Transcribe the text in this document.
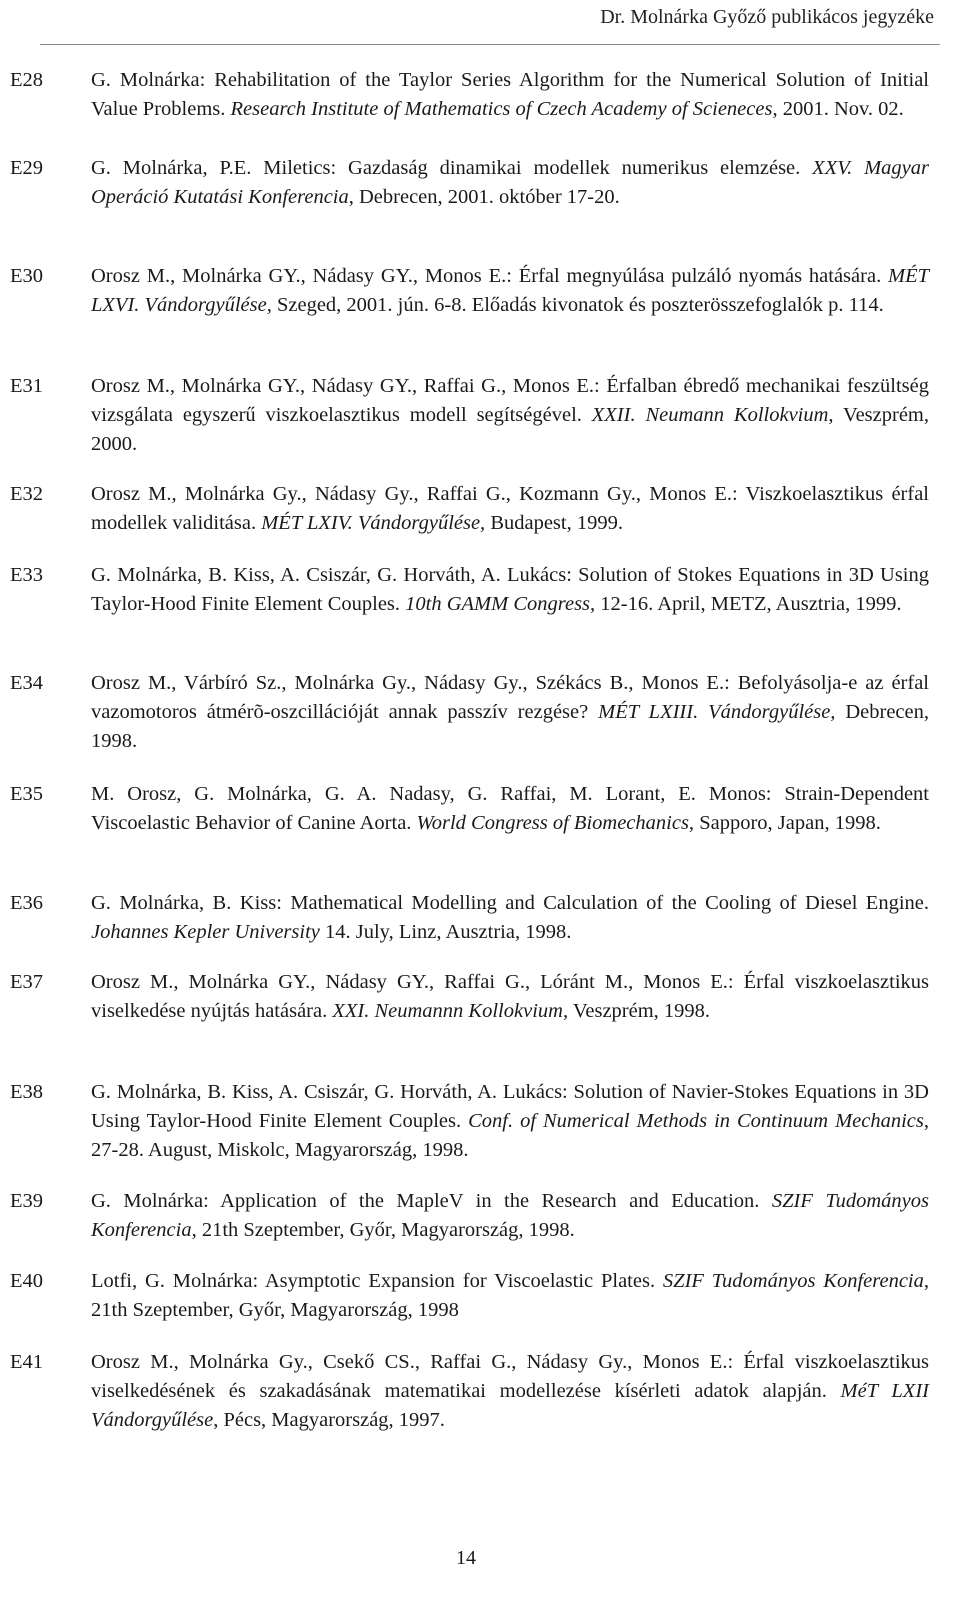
Dr. Molnárka Győző publikácos jegyzéke
E28 G. Molnárka: Rehabilitation of the Taylor Series Algorithm for the Numerical Solution of Initial Value Problems. Research Institute of Mathematics of Czech Academy of Scieneces, 2001. Nov. 02.
E29 G. Molnárka, P.E. Miletics: Gazdaság dinamikai modellek numerikus elemzése. XXV. Magyar Operáció Kutatási Konferencia, Debrecen, 2001. október 17-20.
E30 Orosz M., Molnárka GY., Nádasy GY., Monos E.: Érfal megnyúlása pulzáló nyomás hatására. MÉT LXVI. Vándorgyűlése, Szeged, 2001. jún. 6-8. Előadás kivonatok és poszterösszefoglalók p. 114.
E31 Orosz M., Molnárka GY., Nádasy GY., Raffai G., Monos E.: Érfalban ébredő mechanikai feszültség vizsgálata egyszerű viszkoelasztikus modell segítségével. XXII. Neumann Kollokvium, Veszprém, 2000.
E32 Orosz M., Molnárka Gy., Nádasy Gy., Raffai G., Kozmann Gy., Monos E.: Viszkoelasztikus érfal modellek validitása. MÉT LXIV. Vándorgyűlése, Budapest, 1999.
E33 G. Molnárka, B. Kiss, A. Csiszár, G. Horváth, A. Lukács: Solution of Stokes Equations in 3D Using Taylor-Hood Finite Element Couples. 10th GAMM Congress, 12-16. April, METZ, Ausztria, 1999.
E34 Orosz M., Várbíró Sz., Molnárka Gy., Nádasy Gy., Székács B., Monos E.: Befolyásolja-e az érfal vazomotoros átmérõ-oszcillációját annak passzív rezgése? MÉT LXIII. Vándorgyűlése, Debrecen, 1998.
E35 M. Orosz, G. Molnárka, G. A. Nadasy, G. Raffai, M. Lorant, E. Monos: Strain-Dependent Viscoelastic Behavior of Canine Aorta. World Congress of Biomechanics, Sapporo, Japan, 1998.
E36 G. Molnárka, B. Kiss: Mathematical Modelling and Calculation of the Cooling of Diesel Engine. Johannes Kepler University 14. July, Linz, Ausztria, 1998.
E37 Orosz M., Molnárka GY., Nádasy GY., Raffai G., Lóránt M., Monos E.: Érfal viszkoelasztikus viselkedése nyújtás hatására. XXI. Neumannn Kollokvium, Veszprém, 1998.
E38 G. Molnárka, B. Kiss, A. Csiszár, G. Horváth, A. Lukács: Solution of Navier-Stokes Equations in 3D Using Taylor-Hood Finite Element Couples. Conf. of Numerical Methods in Continuum Mechanics, 27-28. August, Miskolc, Magyarország, 1998.
E39 G. Molnárka: Application of the MapleV in the Research and Education. SZIF Tudományos Konferencia, 21th Szeptember, Győr, Magyarország, 1998.
E40 Lotfi, G. Molnárka: Asymptotic Expansion for Viscoelastic Plates. SZIF Tudományos Konferencia, 21th Szeptember, Győr, Magyarország, 1998
E41 Orosz M., Molnárka Gy., Csekő CS., Raffai G., Nádasy Gy., Monos E.: Érfal viszkoelasztikus viselkedésének és szakadásának matematikai modellezése kísérleti adatok alapján. MéT LXII Vándorgyűlése, Pécs, Magyarország, 1997.
14
